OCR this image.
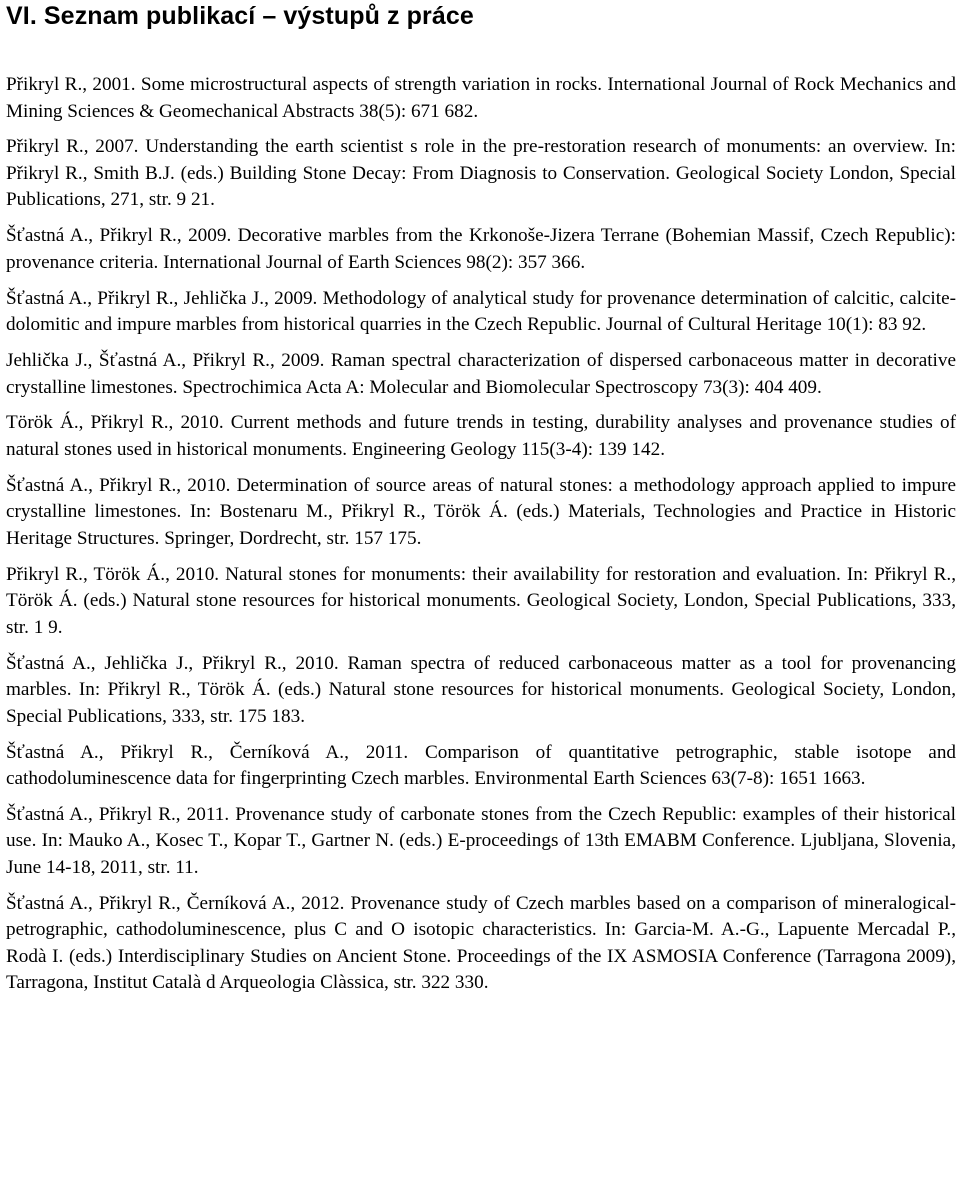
VI. Seznam publikací – výstupů z práce

Přikryl R., 2001. Some microstructural aspects of strength variation in rocks. International Journal of Rock Mechanics and Mining Sciences & Geomechanical Abstracts 38(5): 671 682.

Přikryl R., 2007. Understanding the earth scientist s role in the pre-restoration research of monuments: an overview. In: Přikryl R., Smith B.J. (eds.) Building Stone Decay: From Diagnosis to Conservation. Geological Society London, Special Publications, 271, str. 9 21.

Šťastná A., Přikryl R., 2009. Decorative marbles from the Krkonoše-Jizera Terrane (Bohemian Massif, Czech Republic): provenance criteria. International Journal of Earth Sciences 98(2): 357 366.

Šťastná A., Přikryl R., Jehlička J., 2009. Methodology of analytical study for provenance determination of calcitic, calcite-dolomitic and impure marbles from historical quarries in the Czech Republic. Journal of Cultural Heritage 10(1): 83 92.

Jehlička J., Šťastná A., Přikryl R., 2009. Raman spectral characterization of dispersed carbonaceous matter in decorative crystalline limestones. Spectrochimica Acta A: Molecular and Biomolecular Spectroscopy 73(3): 404 409.

Török Á., Přikryl R., 2010. Current methods and future trends in testing, durability analyses and provenance studies of natural stones used in historical monuments. Engineering Geology 115(3-4): 139 142.

Šťastná A., Přikryl R., 2010. Determination of source areas of natural stones: a methodology approach applied to impure crystalline limestones. In: Bostenaru M., Přikryl R., Török Á. (eds.) Materials, Technologies and Practice in Historic Heritage Structures. Springer, Dordrecht, str. 157 175.

Přikryl R., Török Á., 2010. Natural stones for monuments: their availability for restoration and evaluation. In: Přikryl R., Török Á. (eds.) Natural stone resources for historical monuments. Geological Society, London, Special Publications, 333, str. 1 9.

Šťastná A., Jehlička J., Přikryl R., 2010. Raman spectra of reduced carbonaceous matter as a tool for provenancing marbles. In: Přikryl R., Török Á. (eds.) Natural stone resources for historical monuments. Geological Society, London, Special Publications, 333, str. 175 183.

Šťastná A., Přikryl R., Černíková A., 2011. Comparison of quantitative petrographic, stable isotope and cathodoluminescence data for fingerprinting Czech marbles. Environmental Earth Sciences 63(7-8): 1651 1663.

Šťastná A., Přikryl R., 2011. Provenance study of carbonate stones from the Czech Republic: examples of their historical use. In: Mauko A., Kosec T., Kopar T., Gartner N. (eds.) E-proceedings of 13th EMABM Conference. Ljubljana, Slovenia, June 14-18, 2011, str. 11.

Šťastná A., Přikryl R., Černíková A., 2012. Provenance study of Czech marbles based on a comparison of mineralogical-petrographic, cathodoluminescence, plus C and O isotopic characteristics. In: Garcia-M. A.-G., Lapuente Mercadal P., Rodà I. (eds.) Interdisciplinary Studies on Ancient Stone. Proceedings of the IX ASMOSIA Conference (Tarragona 2009), Tarragona, Institut Català d Arqueologia Clàssica, str. 322 330.
